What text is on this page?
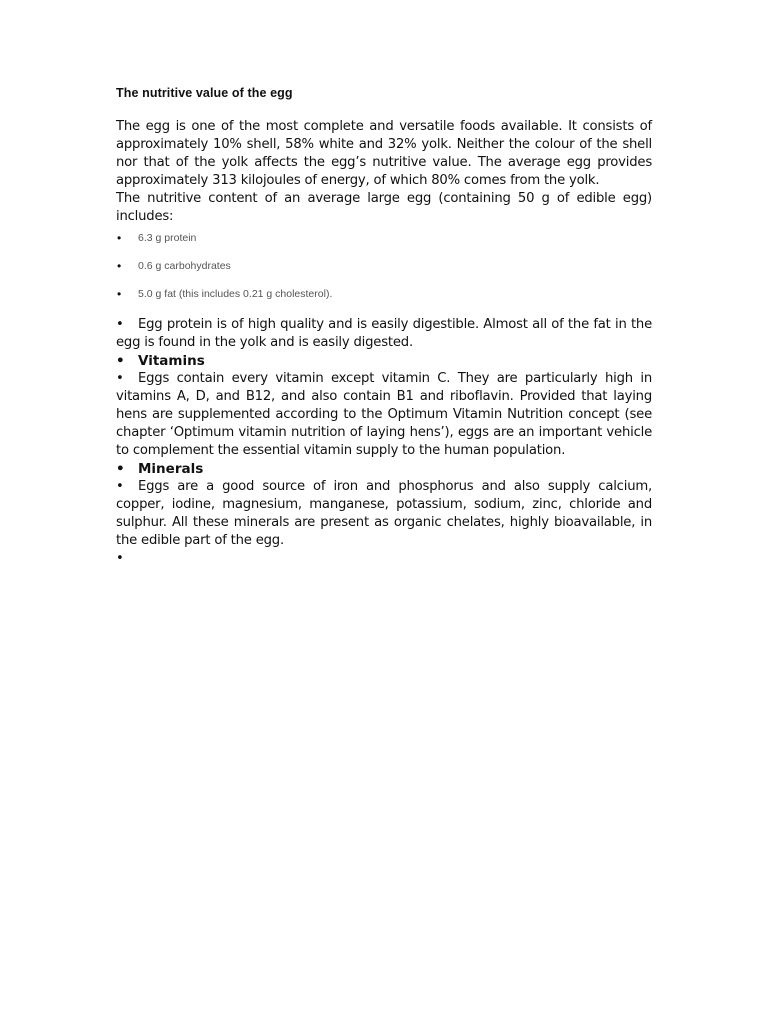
The nutritive value of the egg

The egg is one of the most complete and versatile foods available. It consists of approximately 10% shell, 58% white and 32% yolk. Neither the colour of the shell nor that of the yolk affects the egg’s nutritive value. The average egg provides approximately 313 kilojoules of energy, of which 80% comes from the yolk.

The nutritive content of an average large egg (containing 50 g of edible egg) includes:

• 6.3 g protein
• 0.6 g carbohydrates
• 5.0 g fat (this includes 0.21 g cholesterol).

• Egg protein is of high quality and is easily digestible. Almost all of the fat in the egg is found in the yolk and is easily digested.

• Vitamins

• Eggs contain every vitamin except vitamin C. They are particularly high in vitamins A, D, and B12, and also contain B1 and riboflavin. Provided that laying hens are supplemented according to the Optimum Vitamin Nutrition concept (see chapter ‘Optimum vitamin nutrition of laying hens’), eggs are an important vehicle to complement the essential vitamin supply to the human population.

• Minerals

• Eggs are a good source of iron and phosphorus and also supply calcium, copper, iodine, magnesium, manganese, potassium, sodium, zinc, chloride and sulphur. All these minerals are present as organic chelates, highly bioavailable, in the edible part of the egg.

•
